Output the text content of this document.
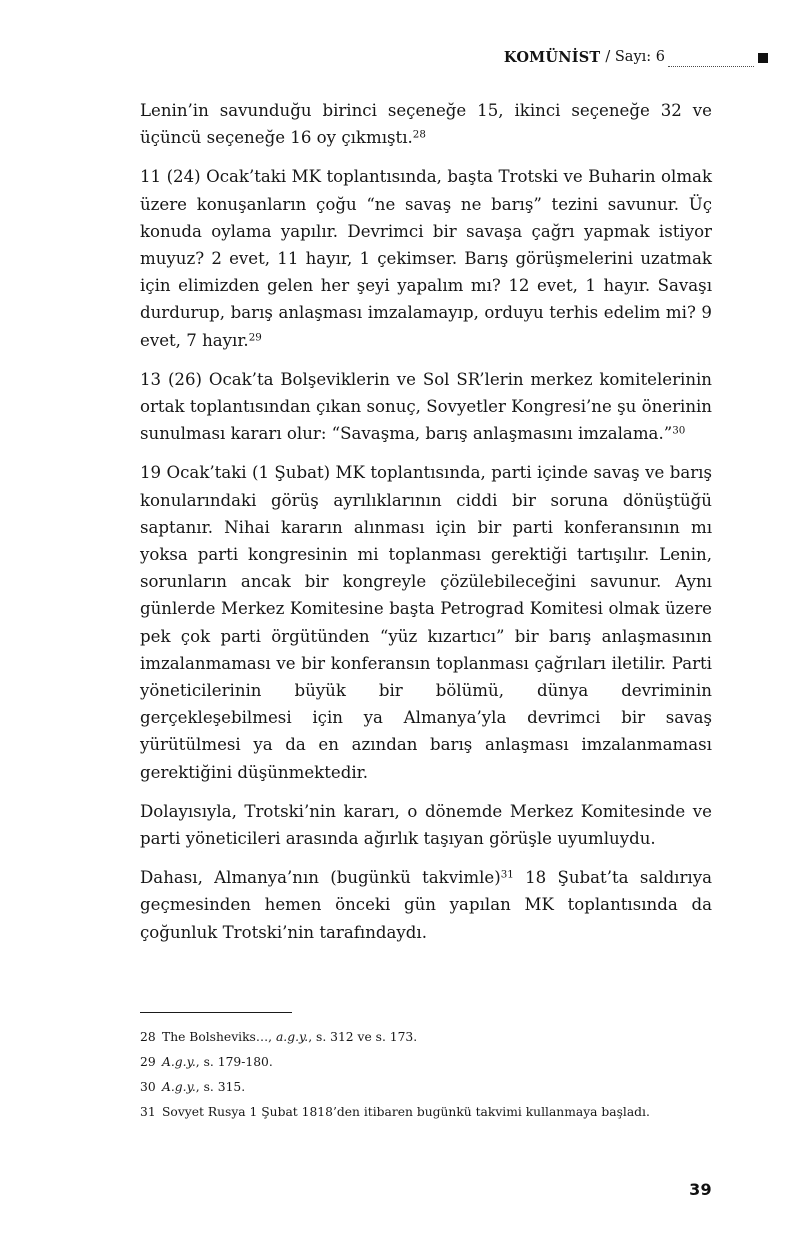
KOMÜNİST / Sayı: 6

Lenin’in savunduğu birinci seçeneğe 15, ikinci seçeneğe 32 ve üçüncü seçeneğe 16 oy çıkmıştı.$^{28}$

11 (24) Ocak’taki MK toplantısında, başta Trotski ve Buharin olmak üzere konuşanların çoğu “ne savaş ne barış” tezini savunur. Üç konuda oylama yapılır. Devrimci bir savaşa çağrı yapmak istiyor muyuz? 2 evet, 11 hayır, 1 çekimser. Barış görüşmelerini uzatmak için elimizden gelen her şeyi yapalım mı? 12 evet, 1 hayır. Savaşı durdurup, barış anlaşması imzalamayıp, orduyu terhis edelim mi? 9 evet, 7 hayır.$^{29}$

13 (26) Ocak’ta Bolşeviklerin ve Sol SR’lerin merkez komitelerinin ortak toplantısından çıkan sonuç, Sovyetler Kongresi’ne şu önerinin sunulması kararı olur: “Savaşma, barış anlaşmasını imzalama.”$^{30}$

19 Ocak’taki (1 Şubat) MK toplantısında, parti içinde savaş ve barış konularındaki görüş ayrılıklarının ciddi bir soruna dönüştüğü saptanır. Nihai kararın alınması için bir parti konferansının mı yoksa parti kongresinin mi toplanması gerektiği tartışılır. Lenin, sorunların ancak bir kongreyle çözülebileceğini savunur. Aynı günlerde Merkez Komitesine başta Petrograd Komitesi olmak üzere pek çok parti örgütünden “yüz kızartıcı” bir barış anlaşmasının imzalanmaması ve bir konferansın toplanması çağrıları iletilir. Parti yöneticilerinin büyük bir bölümü, dünya devriminin gerçekleşebilmesi için ya Almanya’yla devrimci bir savaş yürütülmesi ya da en azından barış anlaşması imzalanmaması gerektiğini düşünmektedir.

Dolayısıyla, Trotski’nin kararı, o dönemde Merkez Komitesinde ve parti yöneticileri arasında ağırlık taşıyan görüşle uyumluydu.

Dahası, Almanya’nın (bugünkü takvimle)$^{31}$ 18 Şubat’ta saldırıya geçmesinden hemen önceki gün yapılan MK toplantısında da çoğunluk Trotski’nin tarafındaydı.

28 The Bolsheviks…, a.g.y., s. 312 ve s. 173.
29 A.g.y., s. 179-180.
30 A.g.y., s. 315.
31 Sovyet Rusya 1 Şubat 1818’den itibaren bugünkü takvimi kullanmaya başladı.
39
